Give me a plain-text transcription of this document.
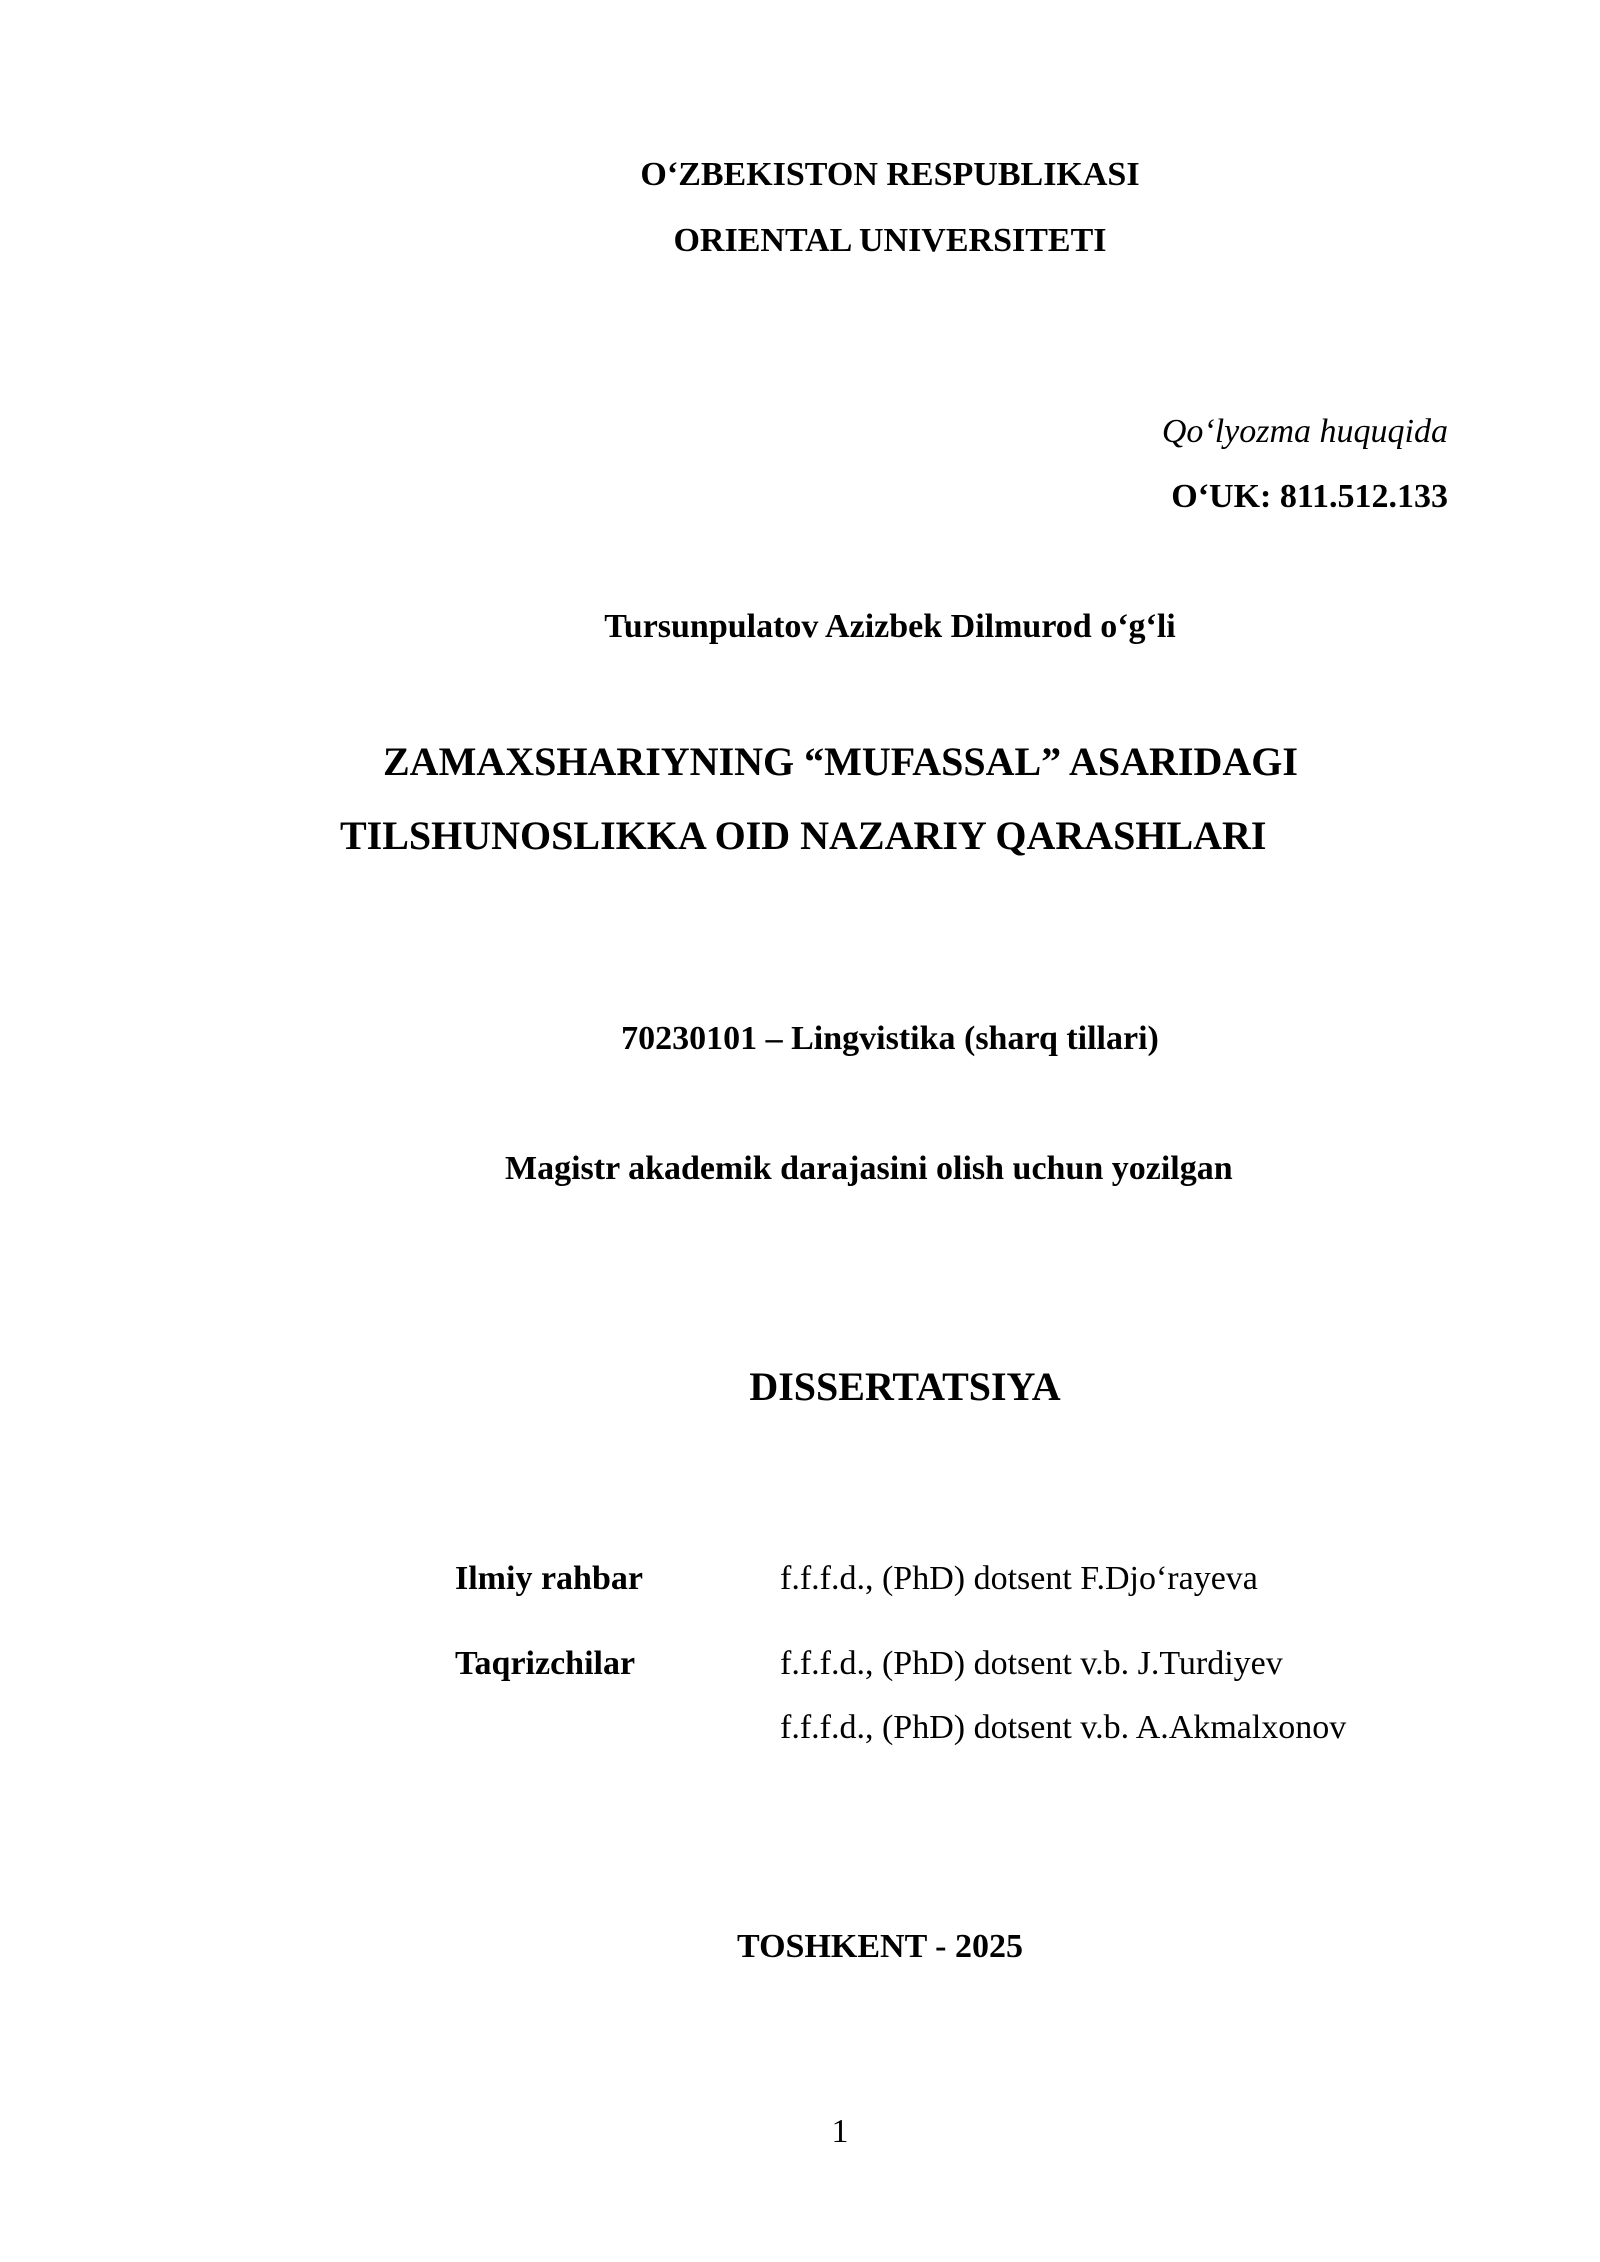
O‘ZBEKISTON RESPUBLIKASI
ORIENTAL UNIVERSITETI
Qo‘lyozma huquqida
O‘UK: 811.512.133
Tursunpulatov Azizbek Dilmurod o‘g‘li
ZAMAXSHARIYNING “MUFASSAL” ASARIDAGI
TILSHUNOSLIKKA OID NAZARIY QARASHLARI
70230101 – Lingvistika (sharq tillari)
Magistr akademik darajasini olish uchun yozilgan
DISSERTATSIYA
Ilmiy rahbar	f.f.f.d., (PhD) dotsent F.Djo‘rayeva
Taqrizchilar	f.f.f.d., (PhD) dotsent v.b. J.Turdiyev
f.f.f.d., (PhD) dotsent v.b. A.Akmalxonov
TOSHKENT - 2025
1
